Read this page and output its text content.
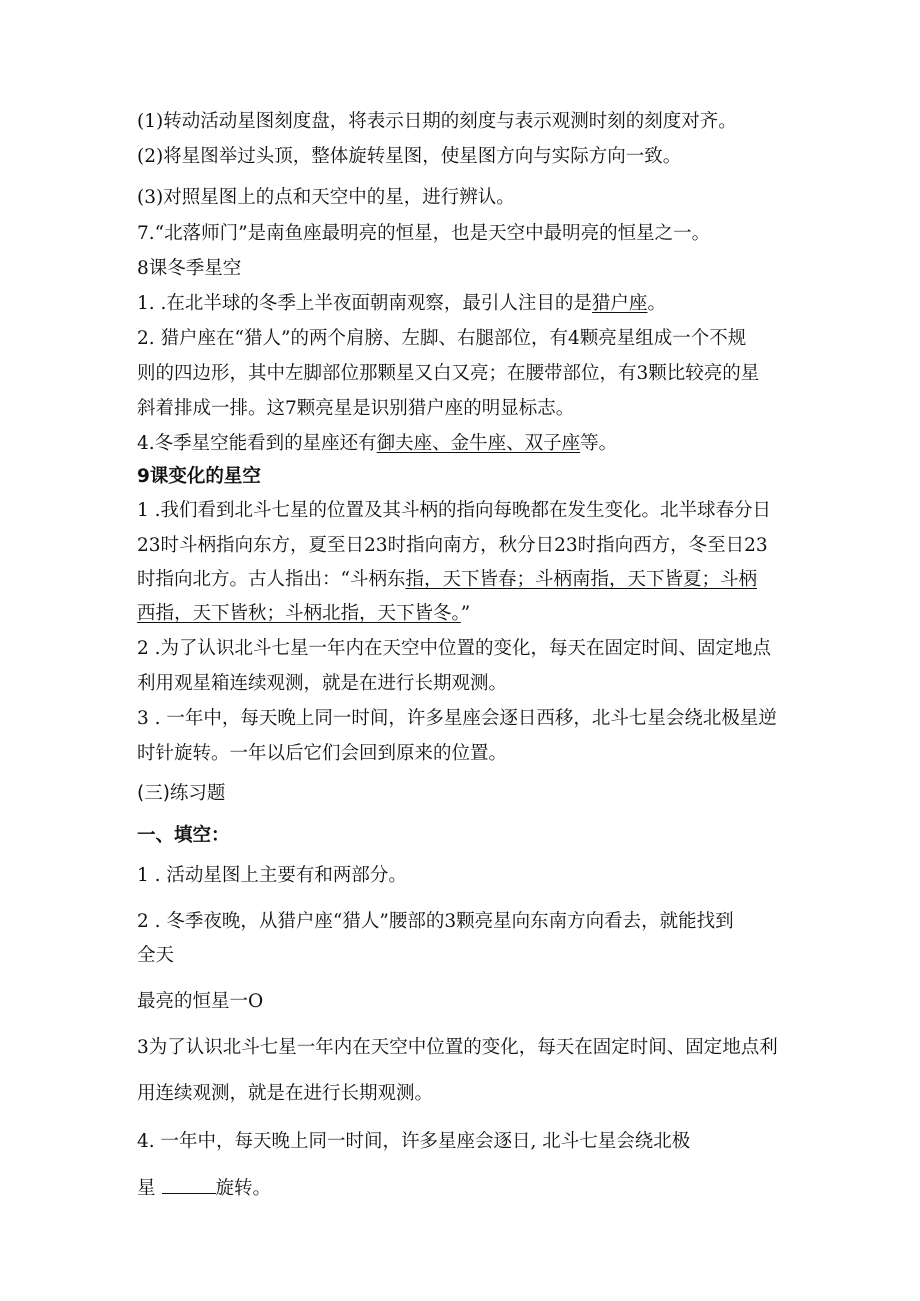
(1)转动活动星图刻度盘，将表示日期的刻度与表示观测时刻的刻度对齐。
(2)将星图举过头顶，整体旋转星图，使星图方向与实际方向一致。
(3)对照星图上的点和天空中的星，进行辨认。
7.“北落师门”是南鱼座最明亮的恒星，也是天空中最明亮的恒星之一。
8课冬季星空
1. .在北半球的冬季上半夜面朝南观察，最引人注目的是猎户座。
2. 猎户座在“猎人”的两个肩膀、左脚、右腿部位，有4颗亮星组成一个不规
则的四边形，其中左脚部位那颗星又白又亮；在腰带部位，有3颗比较亮的星
斜着排成一排。这7颗亮星是识别猎户座的明显标志。
4.冬季星空能看到的星座还有御夫座、金牛座、双子座等。
9课变化的星空
1 .我们看到北斗七星的位置及其斗柄的指向每晚都在发生变化。北半球春分日
23时斗柄指向东方，夏至日23时指向南方，秋分日23时指向西方，冬至日23
时指向北方。古人指出：“斗柄东指，天下皆春；斗柄南指，天下皆夏；斗柄
西指，天下皆秋；斗柄北指，天下皆冬。”
2 .为了认识北斗七星一年内在天空中位置的变化，每天在固定时间、固定地点
利用观星箱连续观测，就是在进行长期观测。
3 . 一年中，每天晚上同一时间，许多星座会逐日西移，北斗七星会绕北极星逆
时针旋转。一年以后它们会回到原来的位置。
(三)练习题
一、填空：
1 . 活动星图上主要有和两部分。
2 . 冬季夜晚，从猎户座“猎人”腰部的3颗亮星向东南方向看去，就能找到
全天
最亮的恒星一O
3为了认识北斗七星一年内在天空中位置的变化，每天在固定时间、固定地点利
用连续观测，就是在进行长期观测。
4. 一年中，每天晚上同一时间，许多星座会逐日, 北斗七星会绕北极
星	旋转。
